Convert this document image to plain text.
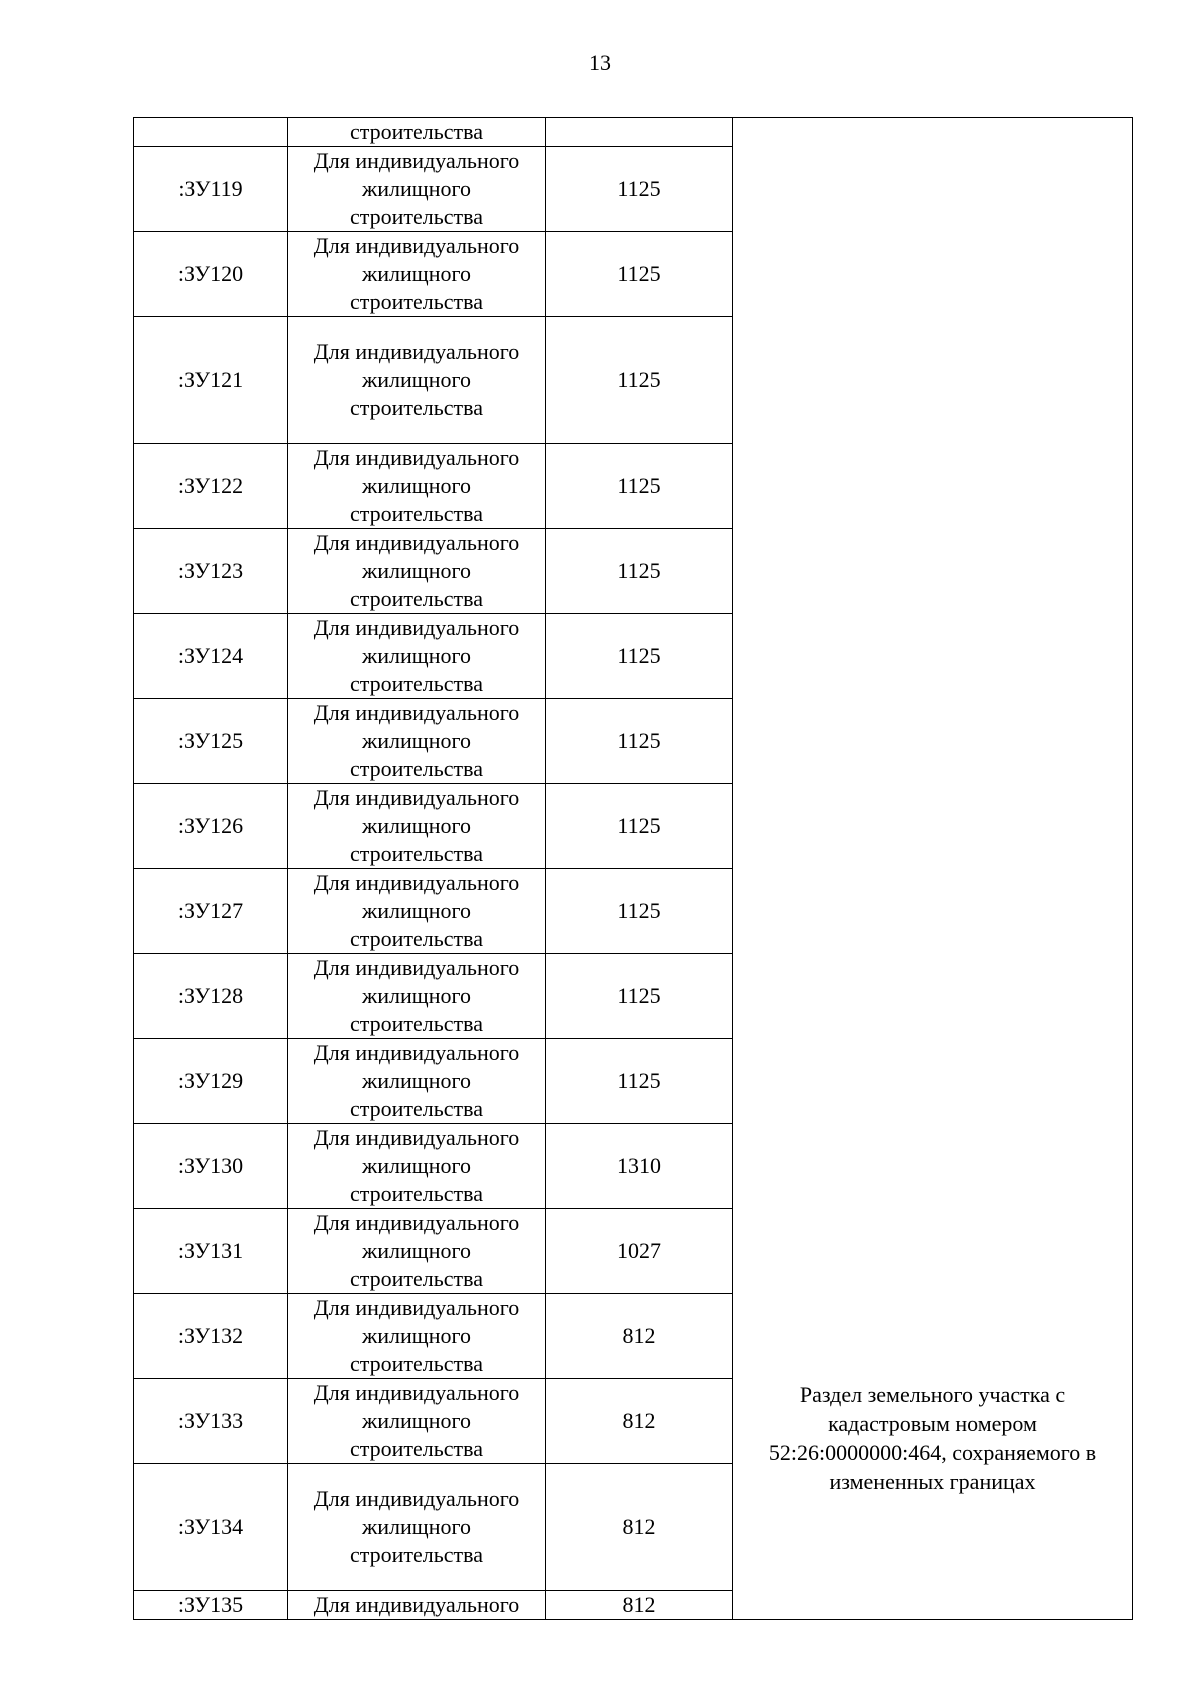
13

	строительства		Раздел земельного участка с кадастровым номером 52:26:0000000:464, сохраняемого в измененных границах

:ЗУ119	Для индивидуального
жилищного
строительства	1125	
:ЗУ120	Для индивидуального
жилищного
строительства	1125	
:ЗУ121	Для индивидуального
жилищного
строительства	1125	
:ЗУ122	Для индивидуального
жилищного
строительства	1125	
:ЗУ123	Для индивидуального
жилищного
строительства	1125	
:ЗУ124	Для индивидуального
жилищного
строительства	1125	
:ЗУ125	Для индивидуального
жилищного
строительства	1125	
:ЗУ126	Для индивидуального
жилищного
строительства	1125	
:ЗУ127	Для индивидуального
жилищного
строительства	1125	
:ЗУ128	Для индивидуального
жилищного
строительства	1125	
:ЗУ129	Для индивидуального
жилищного
строительства	1125	
:ЗУ130	Для индивидуального
жилищного
строительства	1310	
:ЗУ131	Для индивидуального
жилищного
строительства	1027	
:ЗУ132	Для индивидуального
жилищного
строительства	812	
:ЗУ133	Для индивидуального
жилищного
строительства	812	
:ЗУ134	Для индивидуального
жилищного
строительства	812	
:ЗУ135	Для индивидуального	812	
